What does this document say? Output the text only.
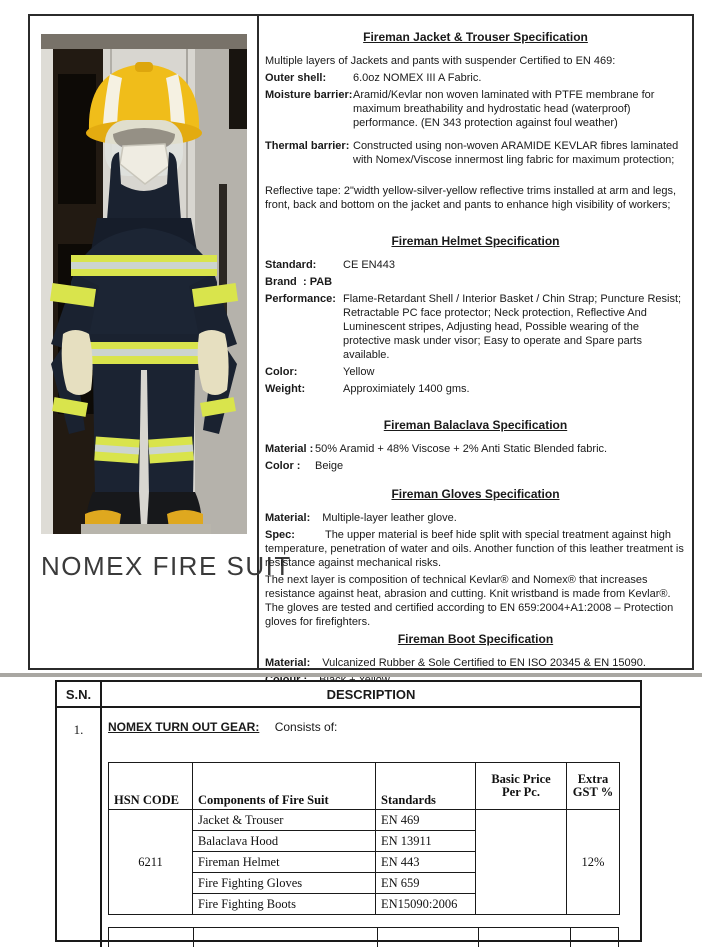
NOMEX FIRE SUIT
Fireman Jacket & Trouser Specification

Multiple layers of Jackets and pants with suspender Certified to EN 469:

Outer shell:	6.0oz NOMEX III A Fabric.
Moisture barrier: Aramid/Kevlar non woven laminated with PTFE membrane for maximum breathability and hydrostatic head (waterproof) performance. (EN 343 protection against foul weather)
Thermal barrier: Constructed using non-woven ARAMIDE KEVLAR fibres laminated with Nomex/Viscose innermost ling fabric for maximum protection;

Reflective tape: 2"width yellow-silver-yellow reflective trims installed at arm and legs, front, back and bottom on the jacket and pants to enhance high visibility of workers;

Fireman Helmet Specification
Standard:	CE EN443
Brand : PAB
Performance: Flame-Retardant Shell / Interior Basket / Chin Strap; Puncture Resist; Retractable PC face protector; Neck protection, Reflective And Luminescent stripes, Adjusting head, Possible wearing of the protective mask under visor; Easy to operate and Spare parts available.
Color:	Yellow
Weight:	Approximiately 1400 gms.
Fireman Balaclava Specification
Material : 50% Aramid + 48% Viscose + 2% Anti Static Blended fabric.
Color :	Beige
Fireman Gloves Specification

Material: Multiple-layer leather glove.

Spec:	The upper material is beef hide split with special treatment against high temperature, penetration of water and oils. Another function of this leather treatment is resistance against mechanical risks.

The next layer is composition of technical Kevlar® and Nomex® that increases resistance against heat, abrasion and cutting. Knit wristband is made from Kevlar®. The gloves are tested and certified according to EN 659:2004+A1:2008 – Protection gloves for firefighters.

Fireman Boot Specification

Material: Vulcanized Rubber & Sole Certified to EN ISO 20345 & EN 15090.

S.N.	DESCRIPTION
1.	NOMEX TURN OUT GEAR: Consists of:
HSN CODE	Components of Fire Suit	Standards	Basic Price Per Pc.	Extra GST %
6211	Jacket & Trouser	EN 469		12%
	Balaclava Hood	EN 13911		
	Fireman Helmet	EN 443		
	Fire Fighting Gloves	EN 659		
	Fire Fighting Boots	EN15090:2006		
